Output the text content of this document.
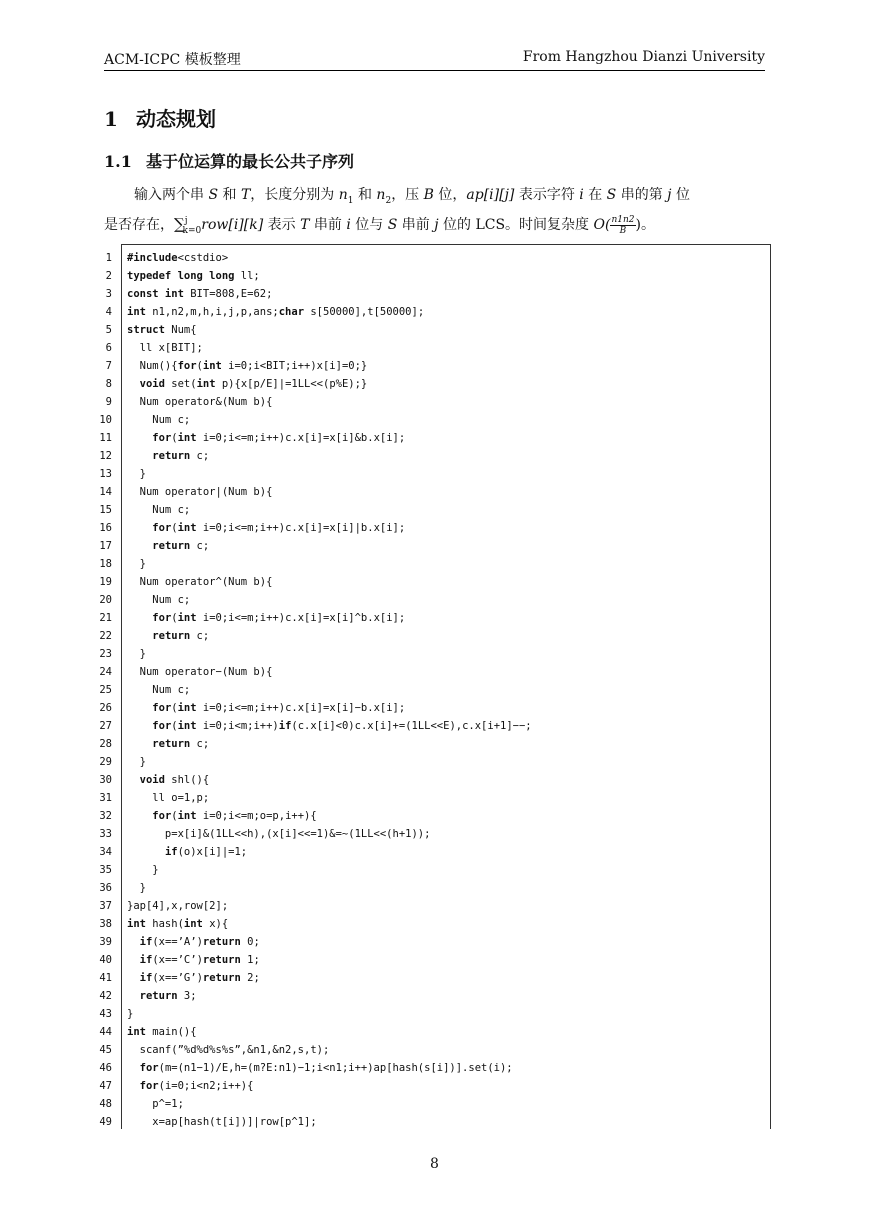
ACM-ICPC 模板整理	From Hangzhou Dianzi University
1 动态规划
1.1 基于位运算的最长公共子序列
输入两个串 S 和 T，长度分别为 $n_1$ 和 $n_2$，压 B 位，ap[i][j] 表示字符 i 在 S 串的第 j 位
是否存在，∑$^j_{k=0}$row[i][k] 表示 T 串前 i 位与 S 串前 j 位的 LCS。时间复杂度 $O( \frac{n1n2}{B}$ )。
1
2
3
4
5
6
7
8
9
10
11
12
13
14
15
16
17
18
19
20
21
22
23
24
25
26
27
28
29
30
31
32
33
34
35
36
37
38
39
40
41
42
43
44
45
46
47
48
49
#include<cstdio>
typedef long long ll;
const int BIT=808,E=62;
int n1,n2,m,h,i,j,p,ans;char s[50000],t[50000];
struct Num{
ll x[BIT];
Num(){for(int i=0;i<BIT;i++)x[i]=0;}
void set(int p){x[p/E]|=1LL<<(p%E);}
Num operator&(Num b){
Num c;
for(int i=0;i<=m;i++)c.x[i]=x[i]&b.x[i];
return c;
}
Num operator|(Num b){
Num c;
for(int i=0;i<=m;i++)c.x[i]=x[i]|b.x[i];
return c;
}
Num operator^(Num b){
Num c;
for(int i=0;i<=m;i++)c.x[i]=x[i]^b.x[i];
return c;
}
Num operator−(Num b){
Num c;
for(int i=0;i<=m;i++)c.x[i]=x[i]−b.x[i];
for(int i=0;i<m;i++)if(c.x[i]<0)c.x[i]+=(1LL<<E),c.x[i+1]−−;
return c;
}
void shl(){
ll o=1,p;
for(int i=0;i<=m;o=p,i++){
p=x[i]&(1LL<<h),(x[i]<<=1)&=~(1LL<<(h+1));
if(o)x[i]|=1;
}
}
}ap[4],x,row[2];
int hash(int x){
if(x==’A’)return 0;
if(x==’C’)return 1;
if(x==’G’)return 2;
return 3;
}
int main(){
scanf(”%d%d%s%s”,&n1,&n2,s,t);
for(m=(n1−1)/E,h=(m?E:n1)−1;i<n1;i++)ap[hash(s[i])].set(i);
for(i=0;i<n2;i++){
p^=1;
x=ap[hash(t[i])]|row[p^1];
8
